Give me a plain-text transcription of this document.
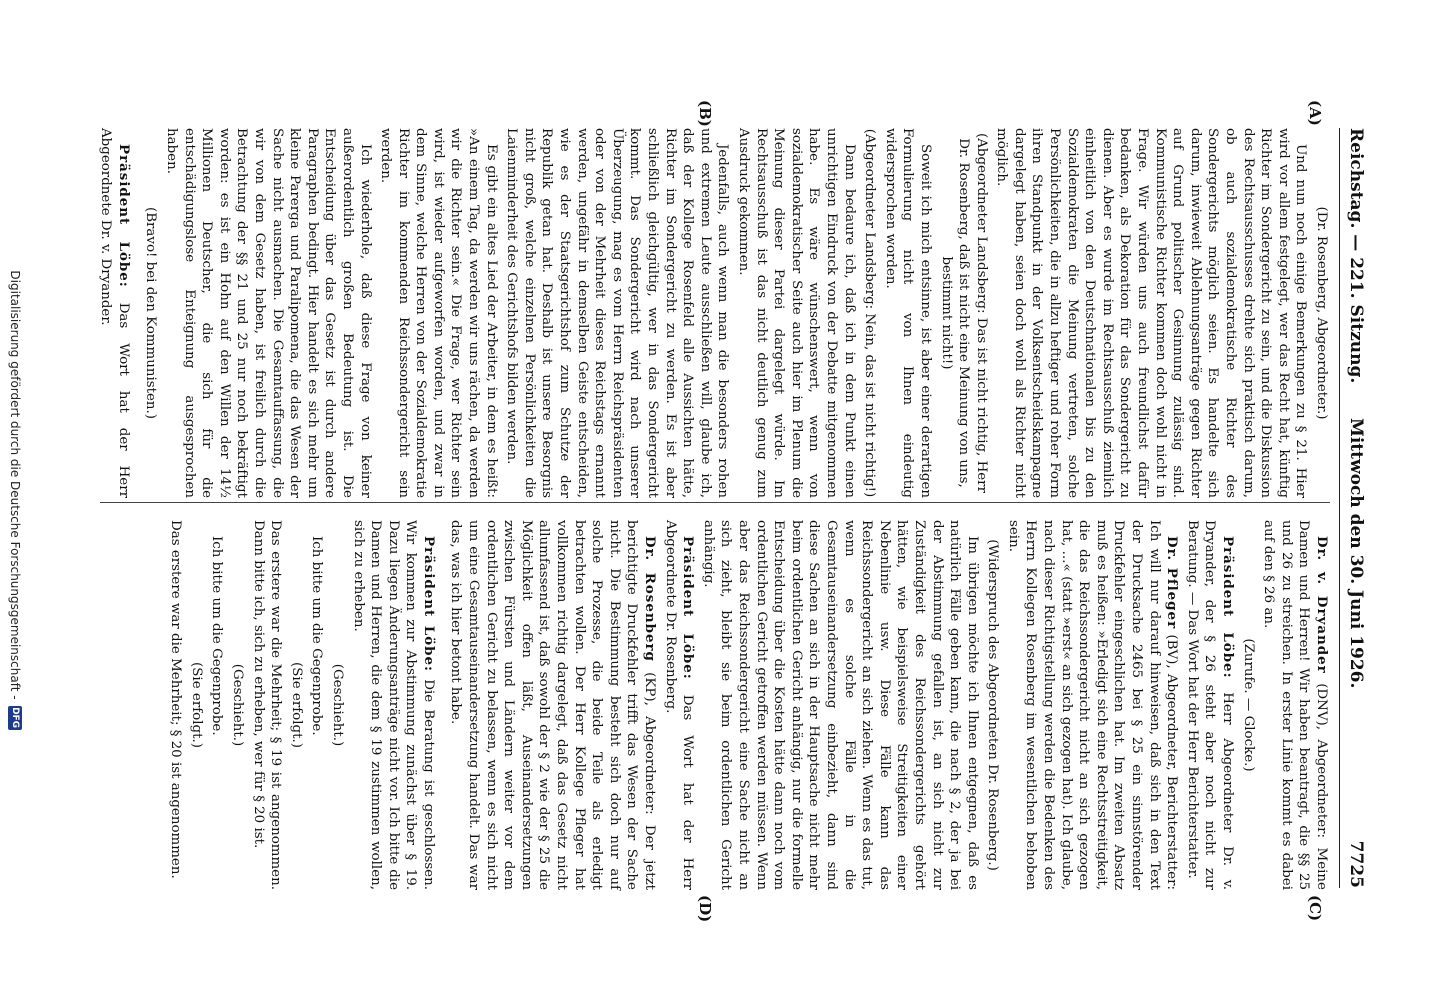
Reichstag. — 221. Sitzung.
Mittwoch den 30. Juni 1926.
7725
(A)
(B)
(C)
(D)

(Dr. Rosenberg, Abgeordneter.)

Und nun noch einige Bemerkungen zu § 21. Hier wird vor allem festgelegt, wer das Recht hat, künftig Richter im Sondergericht zu sein, und die Diskussion des Rechtsausschusses drehte sich praktisch darum, ob auch sozialdemokratische Richter des Sondergerichts möglich seien. Es handelte sich darum, inwieweit Ablehnungsanträge gegen Richter auf Grund politischer Gesinnung zulässig sind. Kommunistische Richter kommen doch wohl nicht in Frage. Wir würden uns auch freundlichst dafür bedanken, als Dekoration für das Sondergericht zu dienen. Aber es wurde im Rechtsausschuß ziemlich einheitlich von den Deutschnationalen bis zu den Sozialdemokraten die Meinung vertreten, solche Persönlichkeiten, die in allzu heftiger und roher Form ihren Standpunkt in der Volksentscheidskampagne dargelegt haben, seien doch wohl als Richter nicht möglich.

(Abgeordneter Landsberg: Das ist nicht richtig, Herr Dr. Rosenberg, daß ist nicht eine Meinung von uns, bestimmt nicht!)

Soweit ich mich entsinne, ist aber einer derartigen Formulierung nicht von Ihnen eindeutig widersprochen worden.

(Abgeordneter Landsberg: Nein, das ist nicht richtig!)

Dann bedaure ich, daß ich in dem Punkt einen unrichtigen Eindruck von der Debatte mitgenommen habe. Es wäre wünschenswert, wenn von sozialdemokratischer Seite auch hier im Plenum die Meinung dieser Partei dargelegt würde. Im Rechtsausschuß ist das nicht deutlich genug zum Ausdruck gekommen.

Jedenfalls, auch wenn man die besonders rohen und extremen Leute ausschließen will, glaube ich, daß der Kollege Rosenfeld alle Aussichten hätte, Richter im Sondergericht zu werden. Es ist aber schließlich gleichgültig, wer in das Sondergericht kommt. Das Sondergericht wird nach unserer Überzeugung, mag es vom Herrn Reichspräsidenten oder von der Mehrheit dieses Reichstags ernannt werden, ungefähr in demselben Geiste entscheiden, wie es der Staatsgerichtshof zum Schutze der Republik getan hat. Deshalb ist unsere Besorgnis nicht groß, welche einzelnen Persönlichkeiten die Laienminderheit des Gerichtshofs bilden werden.

Es gibt ein altes Lied der Arbeiter, in dem es heißt: »An einem Tag, da werden wir uns rächen, da werden wir die Richter sein.« Die Frage, wer Richter sein wird, ist wieder aufgeworfen worden, und zwar in dem Sinne, welche Herren von der Sozialdemokratie Richter im kommenden Reichssondergericht sein werden.

Ich wiederhole, daß diese Frage von keiner außerordentlich großen Bedeutung ist. Die Entscheidung über das Gesetz ist durch andere Paragraphen bedingt. Hier handelt es sich mehr um kleine Parerga und Paralipomena, die das Wesen der Sache nicht ausmachen. Die Gesamtauffassung, die wir von dem Gesetz haben, ist freilich durch die Betrachtung der §§ 21 und 25 nur noch bekräftigt worden: es ist ein Hohn auf den Willen der 14½ Millionen Deutscher, die sich für die entschädigungslose Enteignung ausgesprochen haben.

(Bravo! bei den Kommunisten.)

Präsident Löbe: Das Wort hat der Herr Abgeordnete Dr. v. Dryander.

Dr. v. Dryander (DNV), Abgeordneter: Meine Damen und Herren! Wir haben beantragt, die §§ 25 und 26 zu streichen. In erster Linie kommt es dabei auf den § 26 an.

(Zurufe. — Glocke.)

Präsident Löbe: Herr Abgeordneter Dr. v. Dryander, der § 26 steht aber noch nicht zur Beratung. — Das Wort hat der Herr Berichterstatter.

Dr. Pfleger (BV), Abgeordneter, Berichterstatter: Ich will nur darauf hinweisen, daß sich in den Text der Drucksache 2465 bei § 25 ein sinnstörender Druckfehler eingeschlichen hat. Im zweiten Absatz muß es heißen: »Erledigt sich eine Rechtsstreitigkeit, die das Reichssondergericht nicht an sich gezogen hat, ...« (statt »erst« an sich gezogen hat). Ich glaube, nach dieser Richtigstellung werden die Bedenken des Herrn Kollegen Rosenberg im wesentlichen behoben sein.

(Widerspruch des Abgeordneten Dr. Rosenberg.)

Im übrigen möchte ich Ihnen entgegnen, daß es natürlich Fälle geben kann, die nach § 2, der ja bei der Abstimmung gefallen ist, an sich nicht zur Zuständigkeit des Reichssondergerichts gehört hätten, wie beispielsweise Streitigkeiten einer Nebenlinie usw. Diese Fälle kann das Reichssondergericht an sich ziehen. Wenn es das tut, wenn es solche Fälle in die Gesamtauseinandersetzung einbezieht, dann sind diese Sachen an sich in der Hauptsache nicht mehr beim ordentlichen Gericht anhängig, nur die formelle Entscheidung über die Kosten hätte dann noch vom ordentlichen Gericht getroffen werden müssen. Wenn aber das Reichssondergericht eine Sache nicht an sich zieht, bleibt sie beim ordentlichen Gericht anhängig.

Präsident Löbe: Das Wort hat der Herr Abgeordnete Dr. Rosenberg.

Dr. Rosenberg (KP), Abgeordneter: Der jetzt berichtigte Druckfehler trifft das Wesen der Sache nicht. Die Bestimmung besteht sich doch nur auf solche Prozesse, die beide Teile als erledigt betrachten wollen. Der Herr Kollege Pfleger hat vollkommen richtig dargelegt, daß das Gesetz nicht allumfassend ist, daß sowohl der § 2 wie der § 25 die Möglichkeit offen läßt, Auseinandersetzungen zwischen Fürsten und Ländern weiter vor dem ordentlichen Gericht zu belassen, wenn es sich nicht um eine Gesamtauseinandersetzung handelt. Das war das, was ich hier betont habe.

Präsident Löbe: Die Beratung ist geschlossen. Wir kommen zur Abstimmung zunächst über § 19. Dazu liegen Änderungsanträge nicht vor. Ich bitte die Damen und Herren, die dem § 19 zustimmen wollen, sich zu erheben.

(Geschieht.)

Ich bitte um die Gegenprobe.

(Sie erfolgt.)

Das erstere war die Mehrheit; § 19 ist angenommen. Dann bitte ich, sich zu erheben, wer für § 20 ist.

(Geschieht.)

Ich bitte um die Gegenprobe.

(Sie erfolgt.)

Das erstere war die Mehrheit; § 20 ist angenommen.

Digitalisierung gefördert durch die Deutsche Forschungsgemeinschaft -
DFG
